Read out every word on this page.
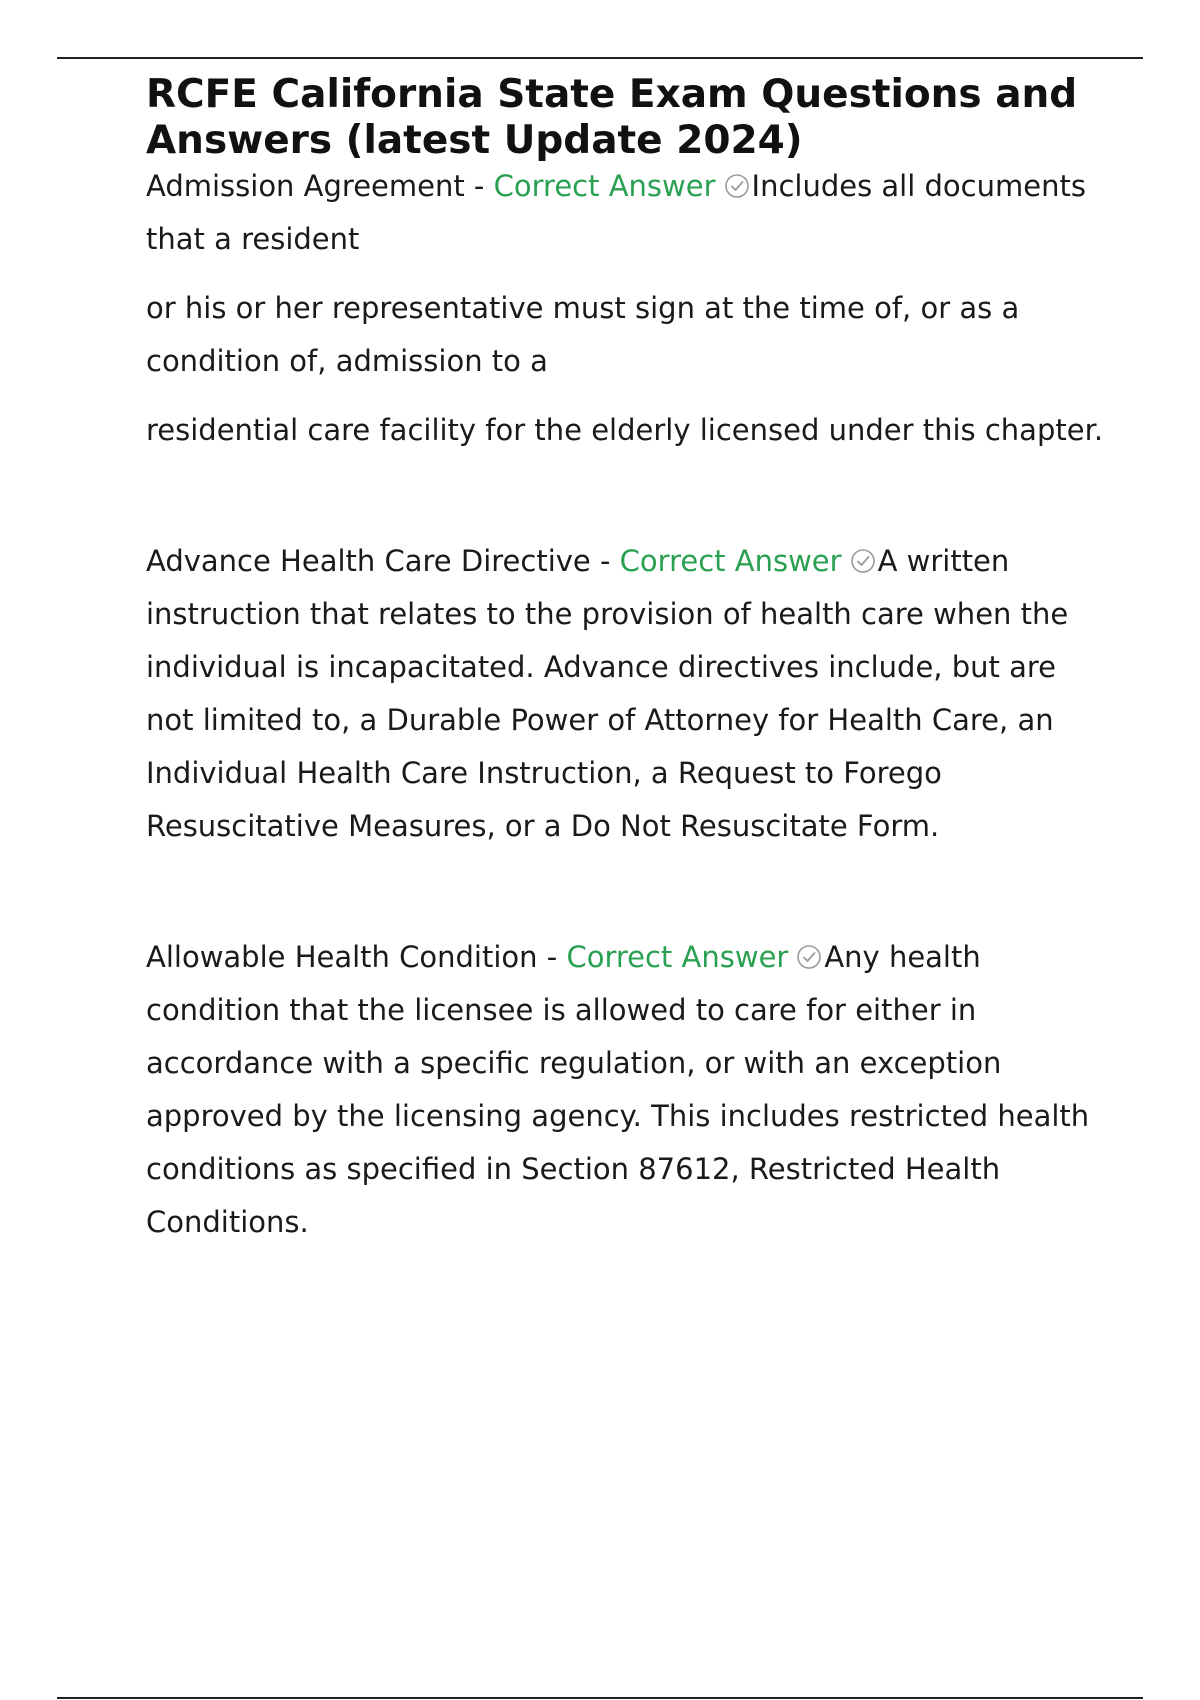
RCFE California State Exam Questions and Answers (latest Update 2024)

Admission Agreement - Correct Answer Includes all documents that a resident

or his or her representative must sign at the time of, or as a condition of, admission to a

residential care facility for the elderly licensed under this chapter.

Advance Health Care Directive - Correct Answer A written instruction that relates to the provision of health care when the individual is incapacitated. Advance directives include, but are not limited to, a Durable Power of Attorney for Health Care, an Individual Health Care Instruction, a Request to Forego Resuscitative Measures, or a Do Not Resuscitate Form.

Allowable Health Condition - Correct Answer Any health condition that the licensee is allowed to care for either in accordance with a specific regulation, or with an exception approved by the licensing agency. This includes restricted health conditions as specified in Section 87612, Restricted Health Conditions.
